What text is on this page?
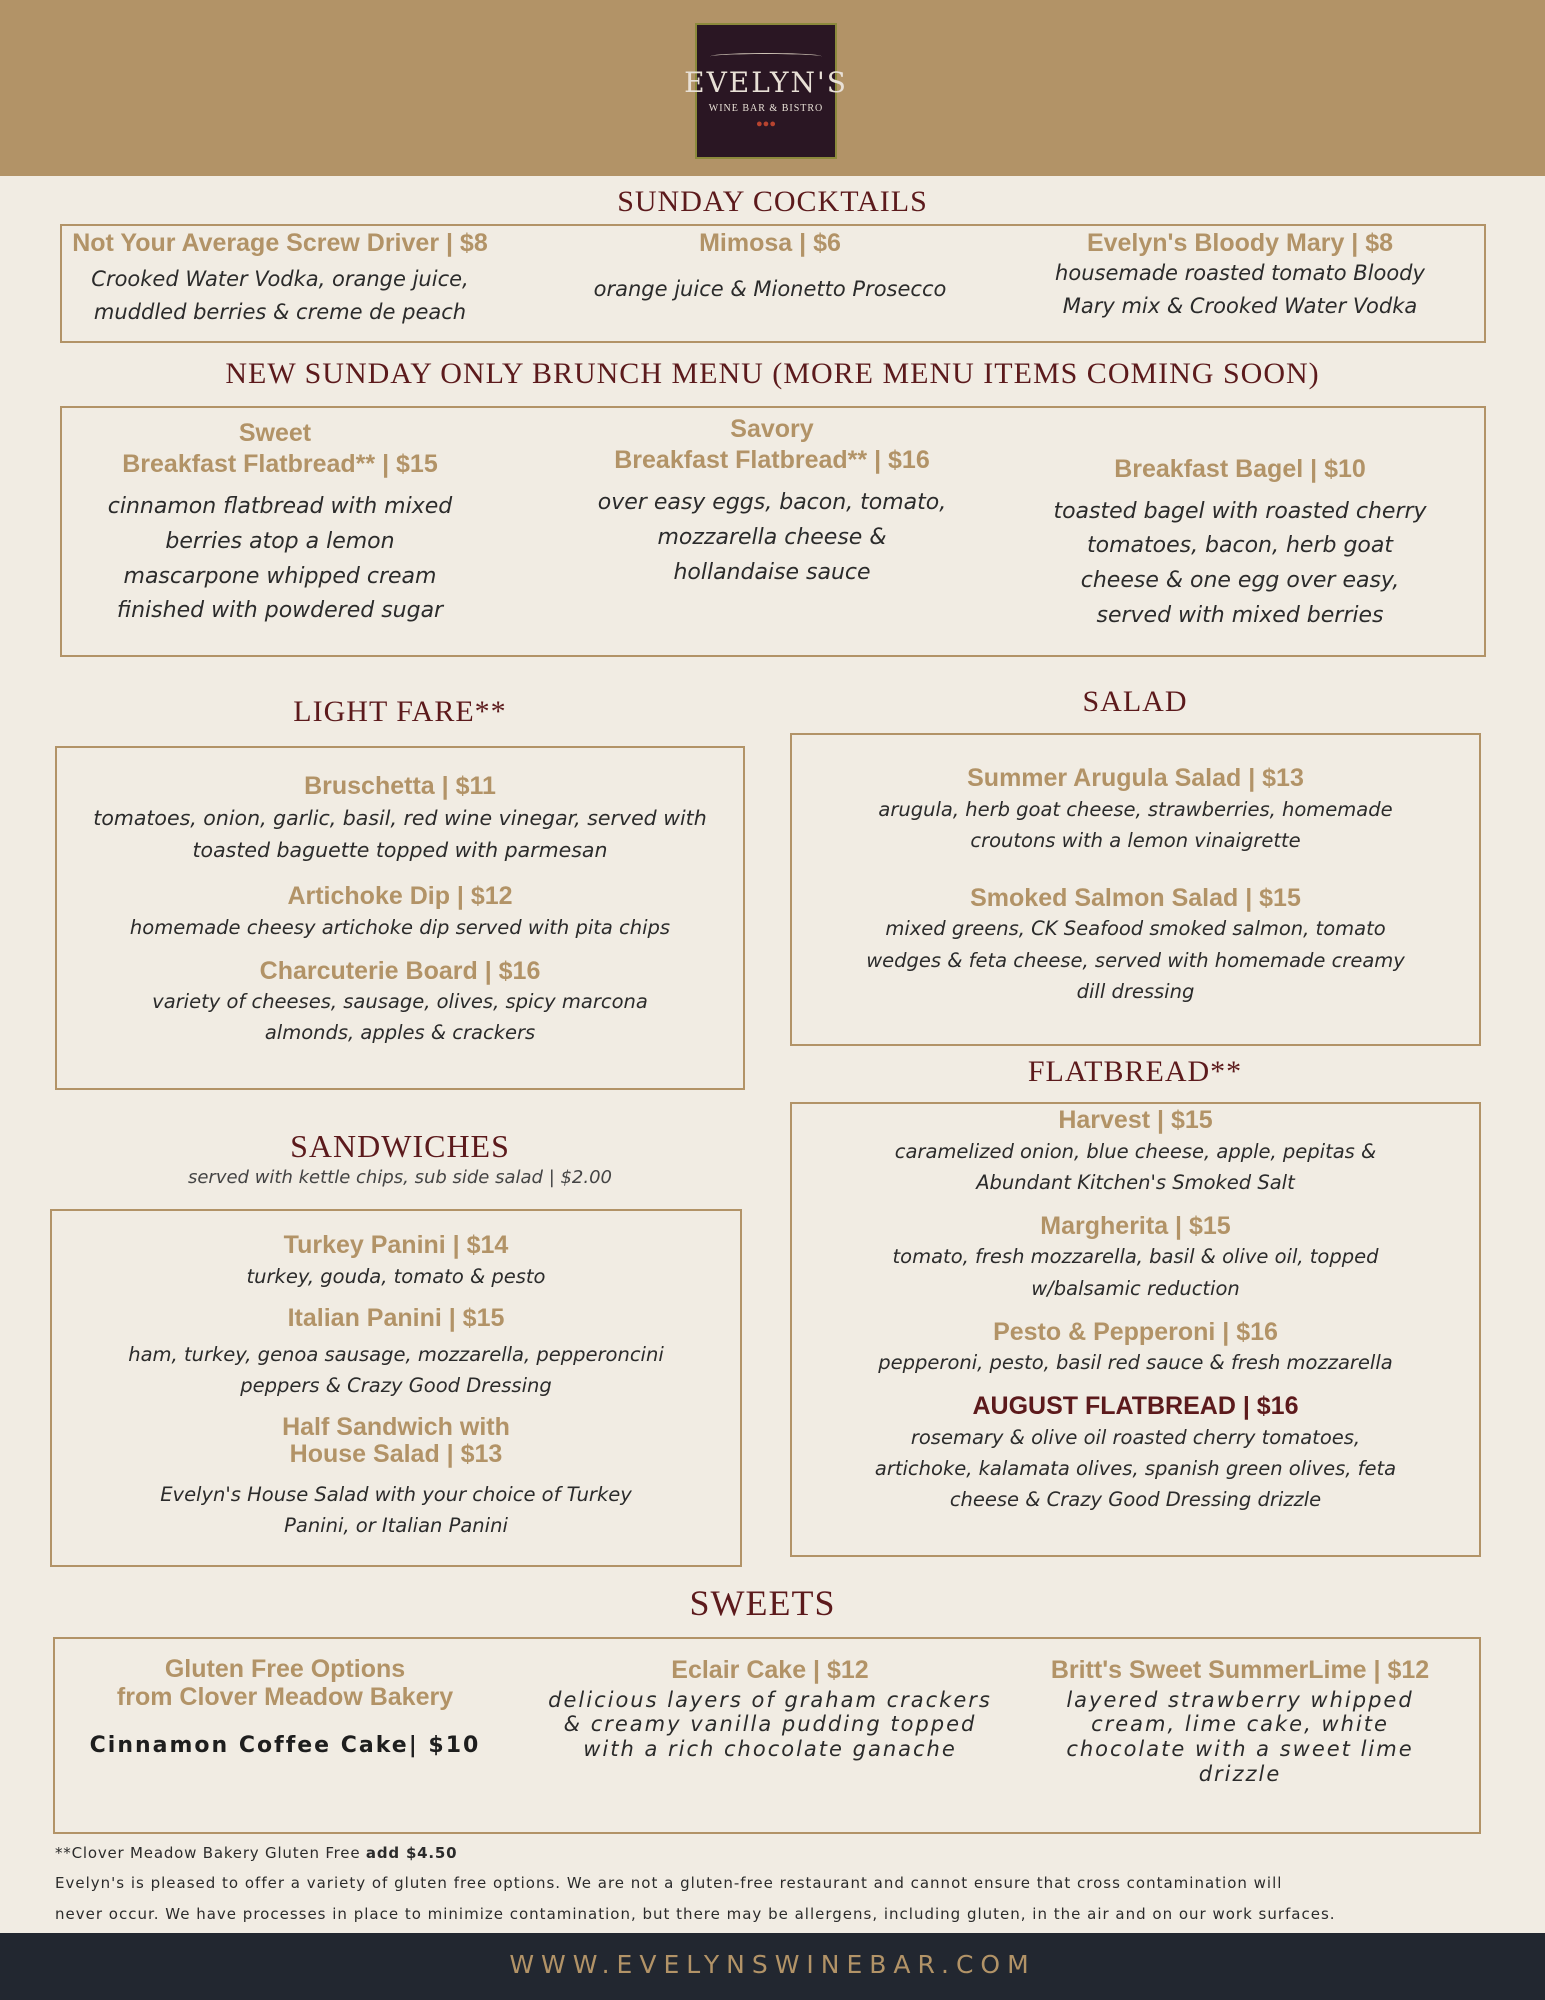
EVELYN'S
WINE BAR & BISTRO
●●●
SUNDAY COCKTAILS
Not Your Average Screw Driver | $8
Crooked Water Vodka, orange juice,
muddled berries & creme de peach
Mimosa | $6
orange juice & Mionetto Prosecco
Evelyn's Bloody Mary | $8
housemade roasted tomato Bloody
Mary mix & Crooked Water Vodka
NEW SUNDAY ONLY BRUNCH MENU (MORE MENU ITEMS COMING SOON)
Sweet
Breakfast Flatbread** | $15
cinnamon flatbread with mixed
berries atop a lemon
mascarpone whipped cream
finished with powdered sugar
Savory
Breakfast Flatbread** | $16
over easy eggs, bacon, tomato,
mozzarella cheese &
hollandaise sauce
Breakfast Bagel | $10
toasted bagel with roasted cherry
tomatoes, bacon, herb goat
cheese & one egg over easy,
served with mixed berries
LIGHT FARE**
Bruschetta | $11
tomatoes, onion, garlic, basil, red wine vinegar, served with
toasted baguette topped with parmesan
Artichoke Dip | $12
homemade cheesy artichoke dip served with pita chips
Charcuterie Board | $16
variety of cheeses, sausage, olives, spicy marcona
almonds, apples & crackers
SALAD
Summer Arugula Salad | $13
arugula, herb goat cheese, strawberries, homemade
croutons with a lemon vinaigrette
Smoked Salmon Salad | $15
mixed greens, CK Seafood smoked salmon, tomato
wedges & feta cheese, served with homemade creamy
dill dressing
FLATBREAD**
Harvest | $15
caramelized onion, blue cheese, apple, pepitas &
Abundant Kitchen's Smoked Salt
Margherita | $15
tomato, fresh mozzarella, basil & olive oil, topped
w/balsamic reduction
Pesto & Pepperoni | $16
pepperoni, pesto, basil red sauce & fresh mozzarella
AUGUST FLATBREAD | $16
rosemary & olive oil roasted cherry tomatoes,
artichoke, kalamata olives, spanish green olives, feta
cheese & Crazy Good Dressing drizzle
SANDWICHES
served with kettle chips, sub side salad | $2.00
Turkey Panini | $14
turkey, gouda, tomato & pesto
Italian Panini | $15
ham, turkey, genoa sausage, mozzarella, pepperoncini
peppers & Crazy Good Dressing
Half Sandwich with
House Salad | $13
Evelyn's House Salad with your choice of Turkey
Panini, or Italian Panini
SWEETS
Gluten Free Options
from Clover Meadow Bakery
Cinnamon Coffee Cake| $10
Eclair Cake | $12
delicious layers of graham crackers
& creamy vanilla pudding topped
with a rich chocolate ganache
Britt's Sweet SummerLime | $12
layered strawberry whipped
cream, lime cake, white
chocolate with a sweet lime
drizzle
**Clover Meadow Bakery Gluten Free add $4.50
Evelyn's is pleased to offer a variety of gluten free options. We are not a gluten-free restaurant and cannot ensure that cross contamination will
never occur. We have processes in place to minimize contamination, but there may be allergens, including gluten, in the air and on our work surfaces.
WWW.EVELYNSWINEBAR.COM
